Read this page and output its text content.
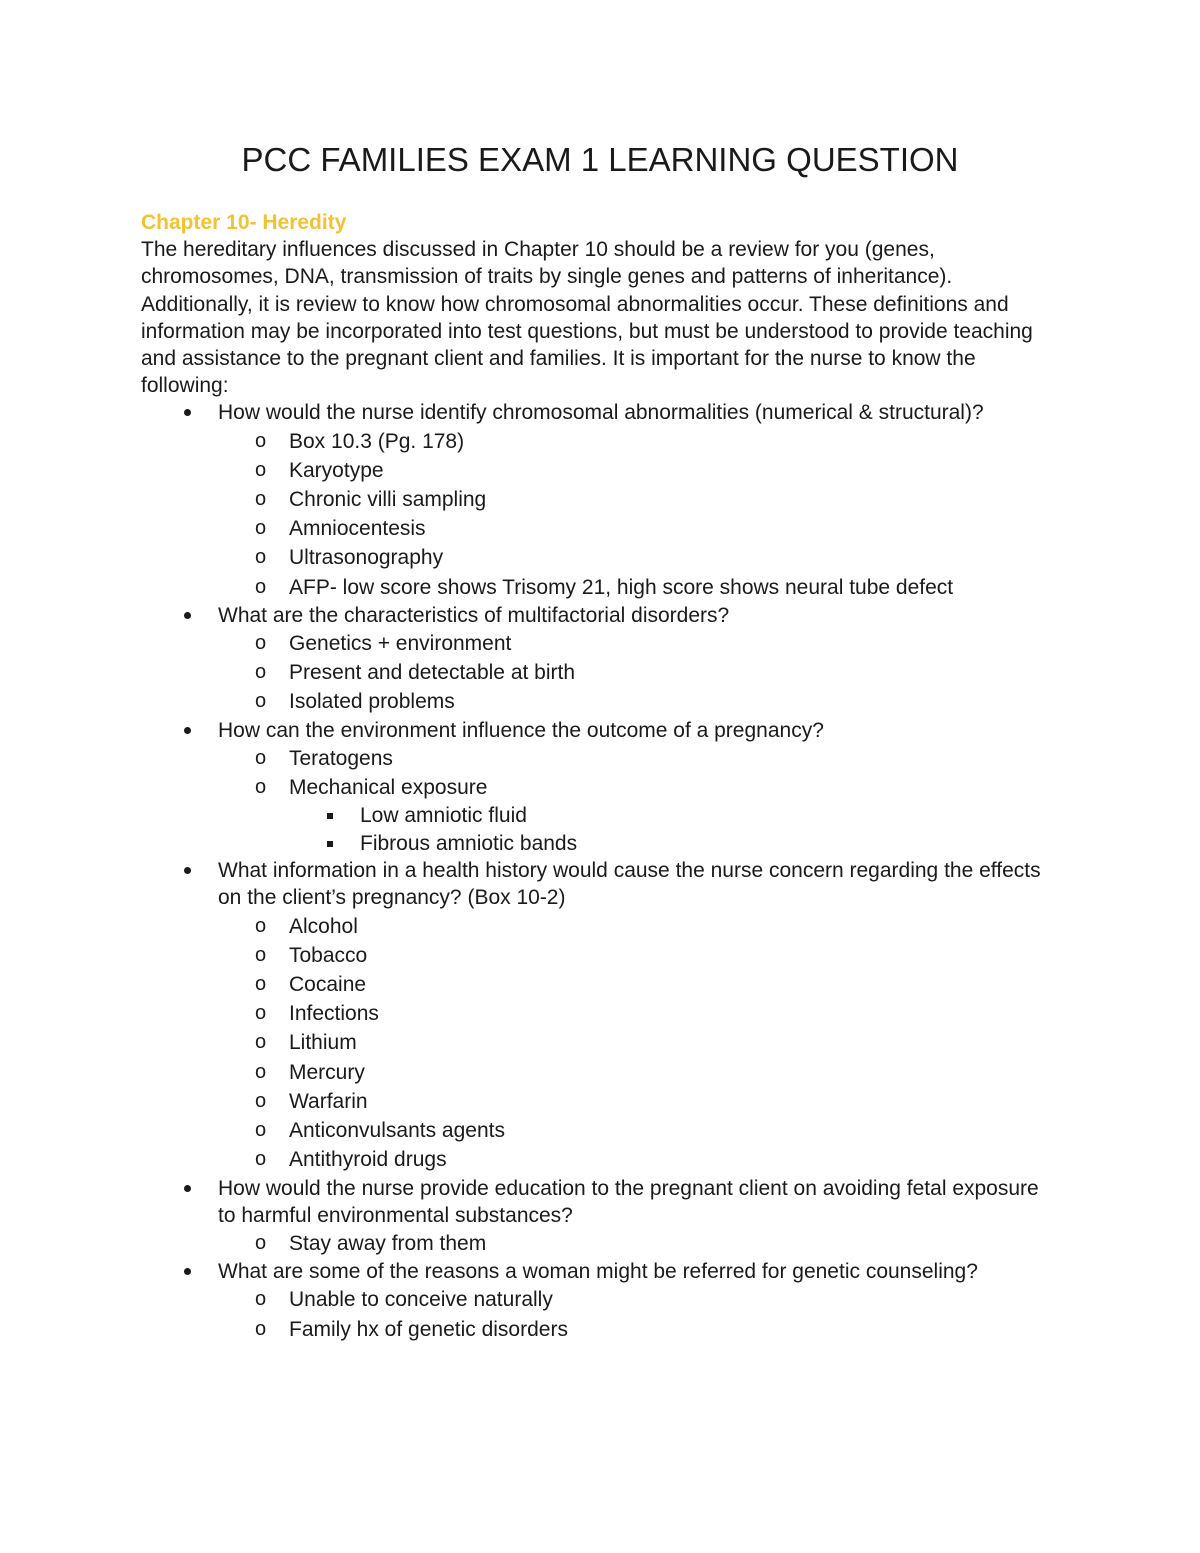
PCC FAMILIES EXAM 1 LEARNING QUESTION

Chapter 10- Heredity

The hereditary influences discussed in Chapter 10 should be a review for you (genes, chromosomes, DNA, transmission of traits by single genes and patterns of inheritance). Additionally, it is review to know how chromosomal abnormalities occur. These definitions and information may be incorporated into test questions, but must be understood to provide teaching and assistance to the pregnant client and families. It is important for the nurse to know the following:

How would the nurse identify chromosomal abnormalities (numerical & structural)?
o Box 10.3 (Pg. 178)
o Karyotype
o Chronic villi sampling
o Amniocentesis
o Ultrasonography
o AFP- low score shows Trisomy 21, high score shows neural tube defect
What are the characteristics of multifactorial disorders?
o Genetics + environment
o Present and detectable at birth
o Isolated problems
How can the environment influence the outcome of a pregnancy?
o Teratogens
o Mechanical exposure
Low amniotic fluid
Fibrous amniotic bands
What information in a health history would cause the nurse concern regarding the effects on the client’s pregnancy? (Box 10-2)
o Alcohol
o Tobacco
o Cocaine
o Infections
o Lithium
o Mercury
o Warfarin
o Anticonvulsants agents
o Antithyroid drugs
How would the nurse provide education to the pregnant client on avoiding fetal exposure to harmful environmental substances?
o Stay away from them
What are some of the reasons a woman might be referred for genetic counseling?
o Unable to conceive naturally
o Family hx of genetic disorders
